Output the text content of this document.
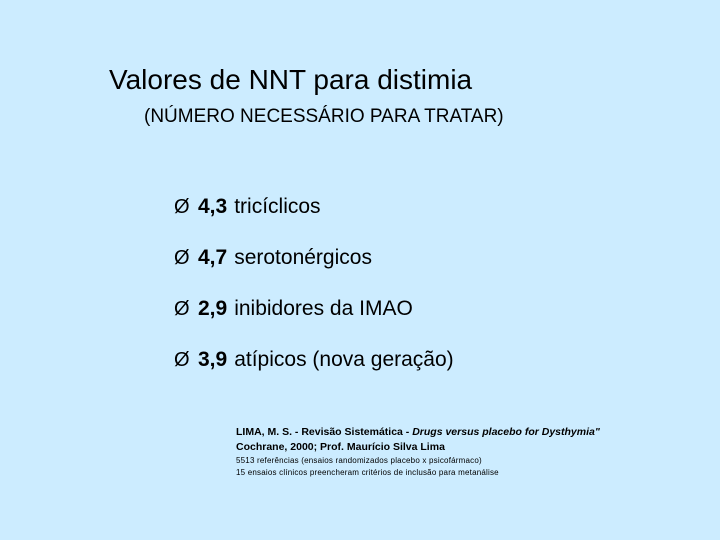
Valores de NNT para distimia
(NÚMERO NECESSÁRIO PARA TRATAR)
Ø 4,3 tricíclicos
Ø 4,7 serotonérgicos
Ø 2,9 inibidores da IMAO
Ø 3,9 atípicos (nova geração)
LIMA, M. S. - Revisão Sistemática - Drugs versus placebo for Dysthymia"
Cochrane, 2000; Prof. Maurício Silva Lima
5513 referências (ensaios randomizados placebo x psicofármaco)
15 ensaios clínicos preencheram critérios de inclusão para metanálise
